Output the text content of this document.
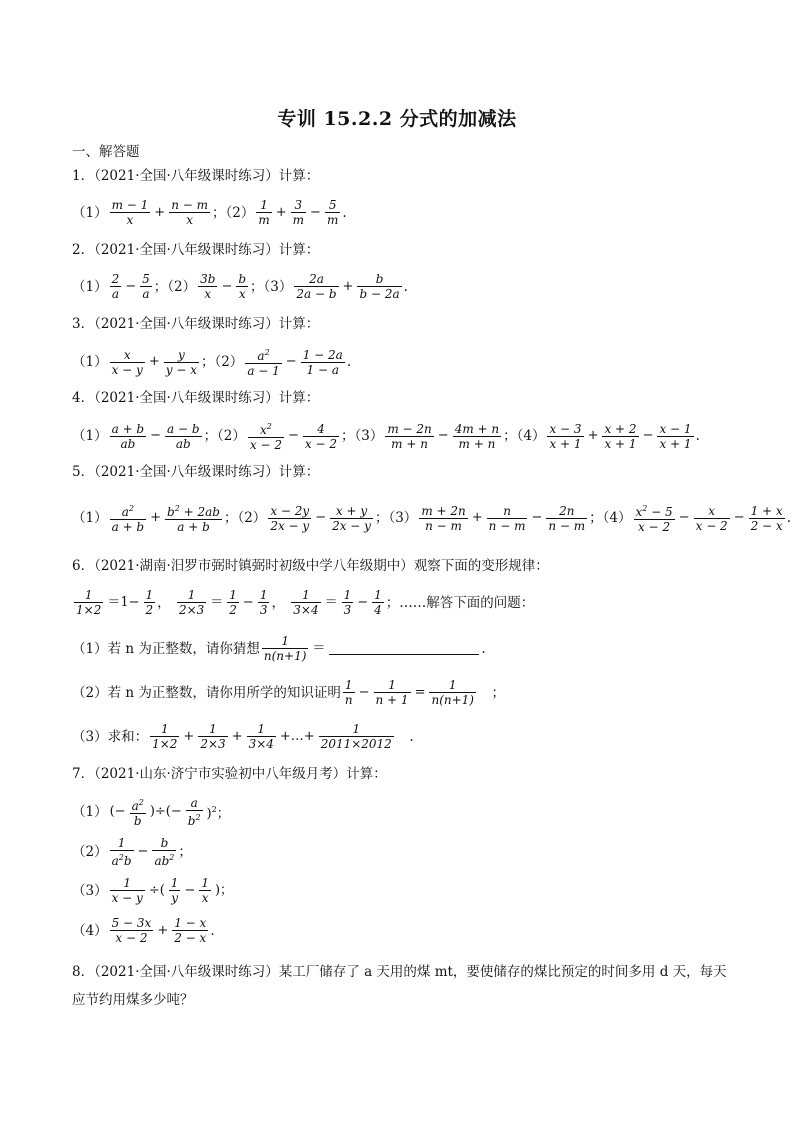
专训 15.2.2 分式的加减法
一、解答题
1．（2021·全国·八年级课时练习）计算：
$(1) \frac{m - 1}{x} + \frac{n - m}{x}$ ；$(2) \frac{1}{m} + \frac{3}{m} - \frac{5}{m}$ .
2．（2021·全国·八年级课时练习）计算：
$(1) \frac{2}{a} - \frac{5}{a}$ ；$(2) \frac{3b}{x} - \frac{b}{x}$ ；$(3) \frac{2a}{2a - b} + \frac{b}{b - 2a}$ .
3．（2021·全国·八年级课时练习）计算：
$(1) \frac{x}{x - y} + \frac{y}{y - x}$ ；$(2) \frac{a^2}{a - 1} - \frac{1 - 2a}{1 - a}$ .
4．（2021·全国·八年级课时练习）计算：
$(1) \frac{a + b}{ab} - \frac{a - b}{ab}$ ；$(2) \frac{x^2}{x - 2} - \frac{4}{x - 2}$ ；$(3) \frac{m - 2n}{m + n} - \frac{4m + n}{m + n}$ ；$(4) \frac{x - 3}{x + 1} + \frac{x + 2}{x + 1} - \frac{x - 1}{x + 1}$ .
5．（2021·全国·八年级课时练习）计算：
$(1) \frac{a^2}{a + b} + \frac{b^2 + 2ab}{a + b}$ ；$(2) \frac{x - 2y}{2x - y} - \frac{x + y}{2x - y}$ ；$(3) \frac{m + 2n}{n - m} + \frac{n}{n - m} - \frac{2n}{n - m}$ ；$(4) \frac{x^2 - 5}{x - 2} - \frac{x}{x - 2} - \frac{1 + x}{2 - x}$ .
6．（2021·湖南·汨罗市弼时镇弼时初级中学八年级期中）观察下面的变形规律：
$\frac{1}{1\times 2} =1- \frac{1}{2}$ ， $\frac{1}{2\times 3} = \frac{1}{2} - \frac{1}{3}$ ， $\frac{1}{3\times 4} = \frac{1}{3} - \frac{1}{4}$ ；……解答下面的问题：
（1）若 n 为正整数，请你猜想 $\frac{1}{n(n+1)}$ ＝	.
（2）若 n 为正整数，请你用所学的知识证明 $\frac{1}{n} - \frac{1}{n + 1} = \frac{1}{n(n+1)}$ 　；
（3）求和： $\frac{1}{1\times 2} + \frac{1}{2\times 3} + \frac{1}{3\times 4}$ +…+ $\frac{1}{2011\times 2012}$ 　.
7．（2021·山东·济宁市实验初中八年级月考）计算：
（1） (− $\frac{a^2}{b}$ )÷(− $\frac{a}{b^2} )^2$；
$(2) \frac{1}{a^2b} - \frac{b}{ab^2}$ ；
$(3) \frac{1}{x - y}$ ÷( $\frac{1}{y} - \frac{1}{x}$ )；
$(4) \frac{5 - 3x}{x - 2} + \frac{1 - x}{2 - x}$ .
8．（2021·全国·八年级课时练习）某工厂储存了 a 天用的煤 mt，要使储存的煤比预定的时间多用 d 天，每天
应节约用煤多少吨？
